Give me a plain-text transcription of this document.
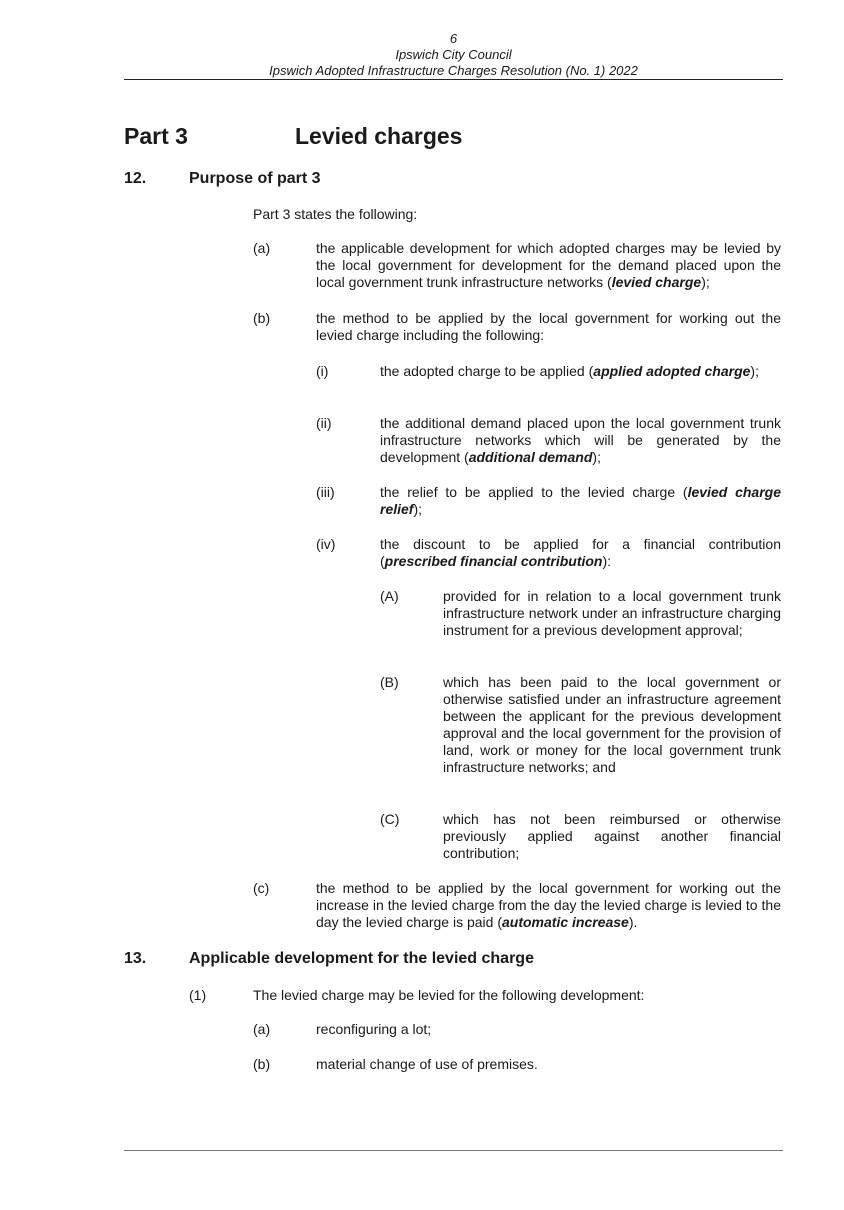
6
Ipswich City Council
Ipswich Adopted Infrastructure Charges Resolution (No. 1) 2022
Part 3	Levied charges
12.	Purpose of part 3
Part 3 states the following:
(a)	the applicable development for which adopted charges may be levied by the local government for development for the demand placed upon the local government trunk infrastructure networks (levied charge);
(b)	the method to be applied by the local government for working out the levied charge including the following:
(i)	the adopted charge to be applied (applied adopted charge);
(ii)	the additional demand placed upon the local government trunk infrastructure networks which will be generated by the development (additional demand);
(iii)	the relief to be applied to the levied charge (levied charge relief);
(iv)	the discount to be applied for a financial contribution (prescribed financial contribution):
(A)	provided for in relation to a local government trunk infrastructure network under an infrastructure charging instrument for a previous development approval;
(B)	which has been paid to the local government or otherwise satisfied under an infrastructure agreement between the applicant for the previous development approval and the local government for the provision of land, work or money for the local government trunk infrastructure networks; and
(C)	which has not been reimbursed or otherwise previously applied against another financial contribution;
(c)	the method to be applied by the local government for working out the increase in the levied charge from the day the levied charge is levied to the day the levied charge is paid (automatic increase).
13.	Applicable development for the levied charge
(1)	The levied charge may be levied for the following development:
(a)	reconfiguring a lot;
(b)	material change of use of premises.
